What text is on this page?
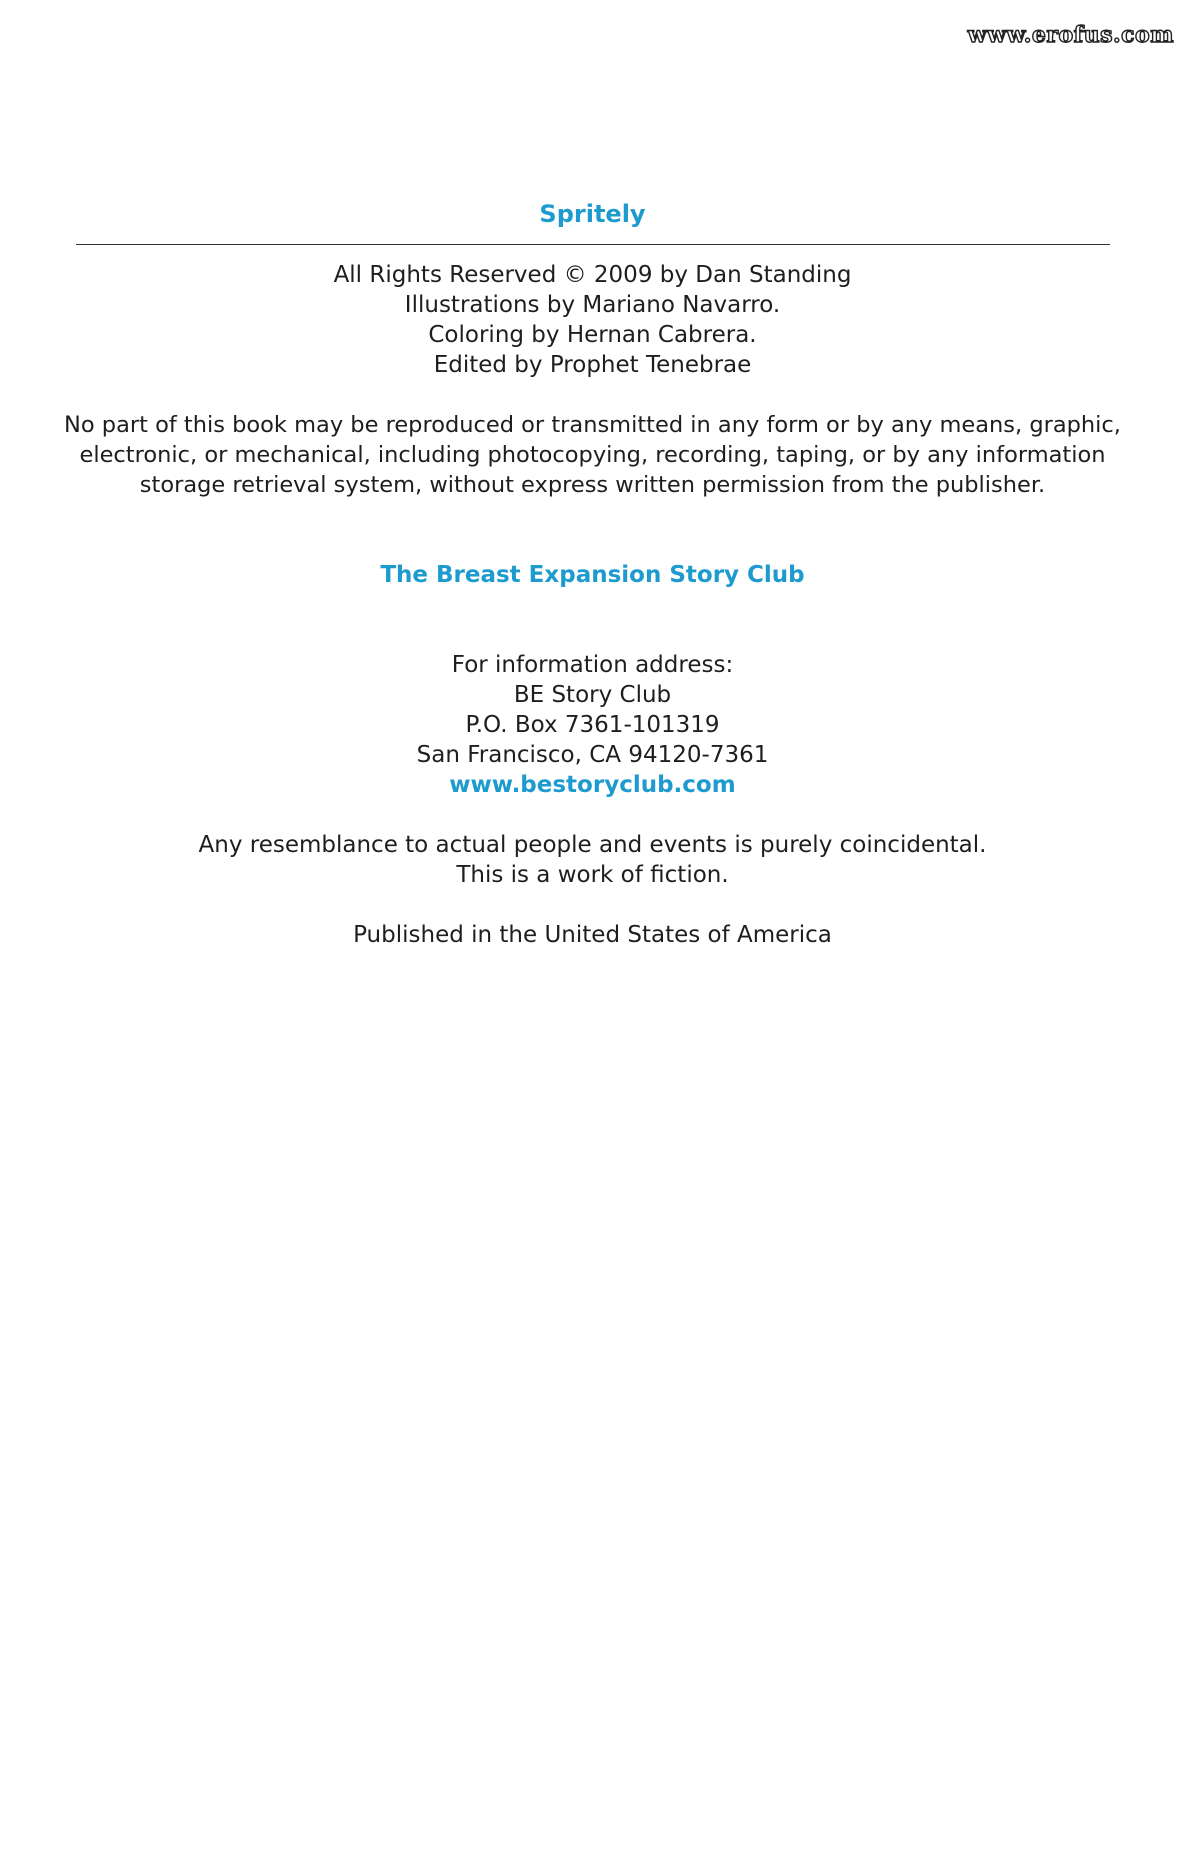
www.erofus.com
Spritely
All Rights Reserved © 2009 by Dan Standing
Illustrations by Mariano Navarro.
Coloring by Hernan Cabrera.
Edited by Prophet Tenebrae
No part of this book may be reproduced or transmitted in any form or by any means, graphic,
electronic, or mechanical, including photocopying, recording, taping, or by any information
storage retrieval system, without express written permission from the publisher.
The Breast Expansion Story Club
For information address:
BE Story Club
P.O. Box 7361-101319
San Francisco, CA 94120-7361
www.bestoryclub.com
Any resemblance to actual people and events is purely coincidental.
This is a work of fiction.
Published in the United States of America
